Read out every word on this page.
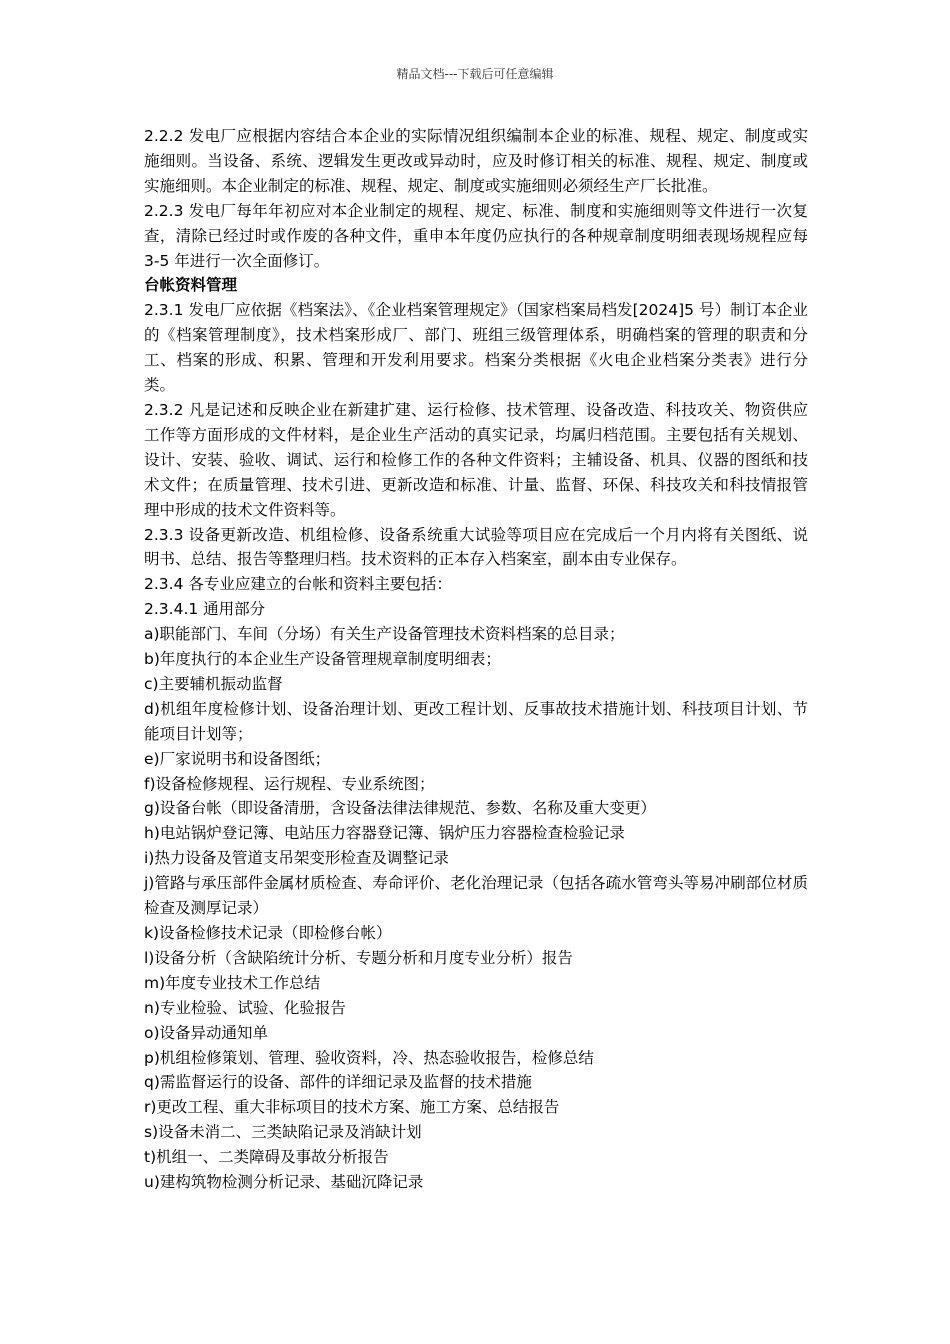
精品文档---下载后可任意编辑

2.2.2 发电厂应根据内容结合本企业的实际情况组织编制本企业的标准、规程、规定、制度或实施细则。当设备、系统、逻辑发生更改或异动时，应及时修订相关的标准、规程、规定、制度或实施细则。本企业制定的标准、规程、规定、制度或实施细则必须经生产厂长批准。

2.2.3 发电厂每年年初应对本企业制定的规程、规定、标准、制度和实施细则等文件进行一次复查，清除已经过时或作废的各种文件，重申本年度仍应执行的各种规章制度明细表现场规程应每 3-5 年进行一次全面修订。

台帐资料管理

2.3.1 发电厂应依据《档案法》、《企业档案管理规定》（国家档案局档发[2024]5 号）制订本企业的《档案管理制度》，技术档案形成厂、部门、班组三级管理体系，明确档案的管理的职责和分工、档案的形成、积累、管理和开发利用要求。档案分类根据《火电企业档案分类表》进行分类。

2.3.2 凡是记述和反映企业在新建扩建、运行检修、技术管理、设备改造、科技攻关、物资供应工作等方面形成的文件材料，是企业生产活动的真实记录，均属归档范围。主要包括有关规划、设计、安装、验收、调试、运行和检修工作的各种文件资料；主辅设备、机具、仪器的图纸和技术文件；在质量管理、技术引进、更新改造和标准、计量、监督、环保、科技攻关和科技情报管理中形成的技术文件资料等。

2.3.3 设备更新改造、机组检修、设备系统重大试验等项目应在完成后一个月内将有关图纸、说明书、总结、报告等整理归档。技术资料的正本存入档案室，副本由专业保存。

2.3.4 各专业应建立的台帐和资料主要包括：

2.3.4.1 通用部分

a)职能部门、车间（分场）有关生产设备管理技术资料档案的总目录；

b)年度执行的本企业生产设备管理规章制度明细表；

c)主要辅机振动监督

d)机组年度检修计划、设备治理计划、更改工程计划、反事故技术措施计划、科技项目计划、节能项目计划等；

e)厂家说明书和设备图纸；

f)设备检修规程、运行规程、专业系统图；

g)设备台帐（即设备清册，含设备法律法律规范、参数、名称及重大变更）

h)电站锅炉登记簿、电站压力容器登记簿、锅炉压力容器检查检验记录

i)热力设备及管道支吊架变形检查及调整记录

j)管路与承压部件金属材质检查、寿命评价、老化治理记录（包括各疏水管弯头等易冲刷部位材质检查及测厚记录）

k)设备检修技术记录（即检修台帐）

l)设备分析（含缺陷统计分析、专题分析和月度专业分析）报告

m)年度专业技术工作总结

n)专业检验、试验、化验报告

o)设备异动通知单

p)机组检修策划、管理、验收资料，冷、热态验收报告，检修总结

q)需监督运行的设备、部件的详细记录及监督的技术措施

r)更改工程、重大非标项目的技术方案、施工方案、总结报告

s)设备未消二、三类缺陷记录及消缺计划

t)机组一、二类障碍及事故分析报告

u)建构筑物检测分析记录、基础沉降记录
